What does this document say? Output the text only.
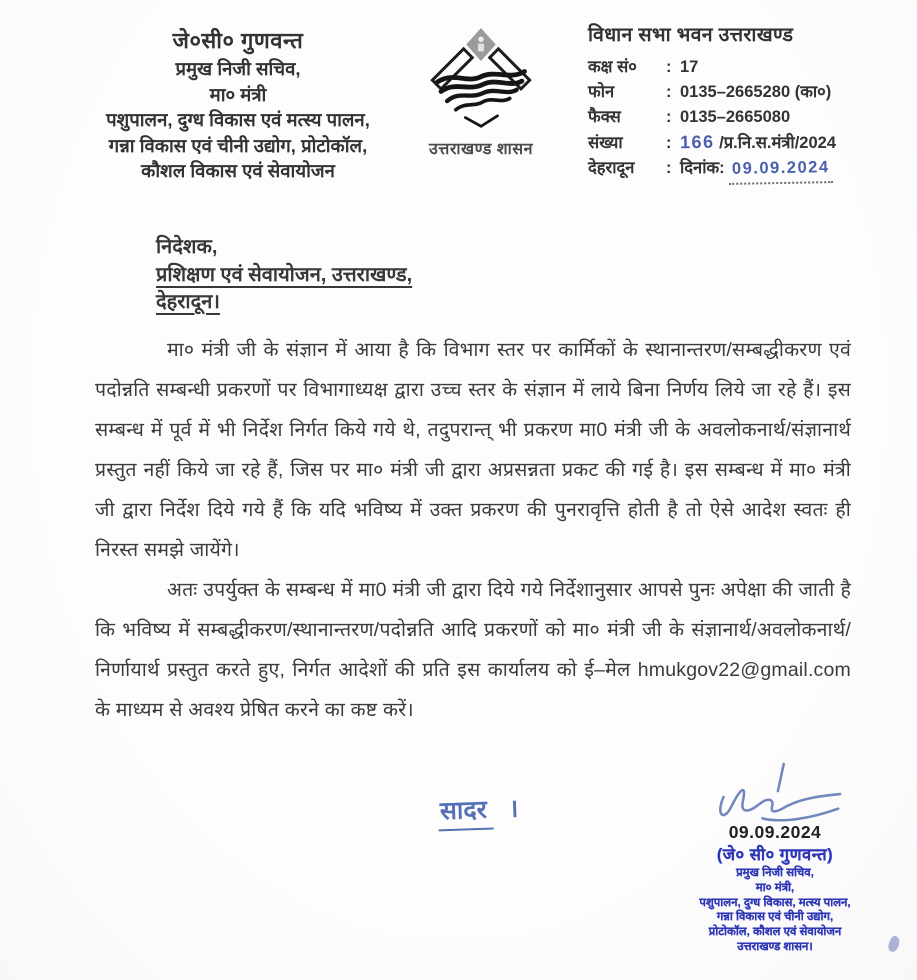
जे०सी० गुणवन्त
प्रमुख निजी सचिव,
मा० मंत्री
पशुपालन, दुग्ध विकास एवं मत्स्य पालन,
गन्ना विकास एवं चीनी उद्योग, प्रोटोकॉल,
कौशल विकास एवं सेवायोजन
उत्तराखण्ड शासन
विधान सभा भवन उत्तराखण्ड
कक्ष सं०	: 17
फोन	: 0135–2665280 (का०)
फैक्स	: 0135–2665080
संख्या	: 166 /प्र.नि.स.मंत्री/2024
देहरादून	: दिनांक: 09.09.2024
निदेशक,
प्रशिक्षण एवं सेवायोजन, उत्तराखण्ड,
देहरादून।

मा० मंत्री जी के संज्ञान में आया है कि विभाग स्तर पर कार्मिकों के स्थानान्तरण/सम्बद्धीकरण एवं पदोन्नति सम्बन्धी प्रकरणों पर विभागाध्यक्ष द्वारा उच्च स्तर के संज्ञान में लाये बिना निर्णय लिये जा रहे हैं। इस सम्बन्ध में पूर्व में भी निर्देश निर्गत किये गये थे, तदुपरान्त् भी प्रकरण मा0 मंत्री जी के अवलोकनार्थ/संज्ञानार्थ प्रस्तुत नहीं किये जा रहे हैं, जिस पर मा० मंत्री जी द्वारा अप्रसन्नता प्रकट की गई है। इस सम्बन्ध में मा० मंत्री जी द्वारा निर्देश दिये गये हैं कि यदि भविष्य में उक्त प्रकरण की पुनरावृत्ति होती है तो ऐसे आदेश स्वतः ही निरस्त समझे जायेंगे।

अतः उपर्युक्त के सम्बन्ध में मा0 मंत्री जी द्वारा दिये गये निर्देशानुसार आपसे पुनः अपेक्षा की जाती है कि भविष्य में सम्बद्धीकरण/स्थानान्तरण/पदोन्नति आदि प्रकरणों को मा० मंत्री जी के संज्ञानार्थ/अवलोकनार्थ/निर्णायार्थ प्रस्तुत करते हुए, निर्गत आदेशों की प्रति इस कार्यालय को ई–मेल hmukgov22@gmail.com के माध्यम से अवश्य प्रेषित करने का कष्ट करें।

सादर ।
09.09.2024
(जे० सी० गुणवन्त)
प्रमुख निजी सचिव,
मा० मंत्री,
पशुपालन, दुग्ध विकास, मत्स्य पालन,
गन्ना विकास एवं चीनी उद्योग,
प्रोटोकॉल, कौशल एवं सेवायोजन
उत्तराखण्ड शासन।
